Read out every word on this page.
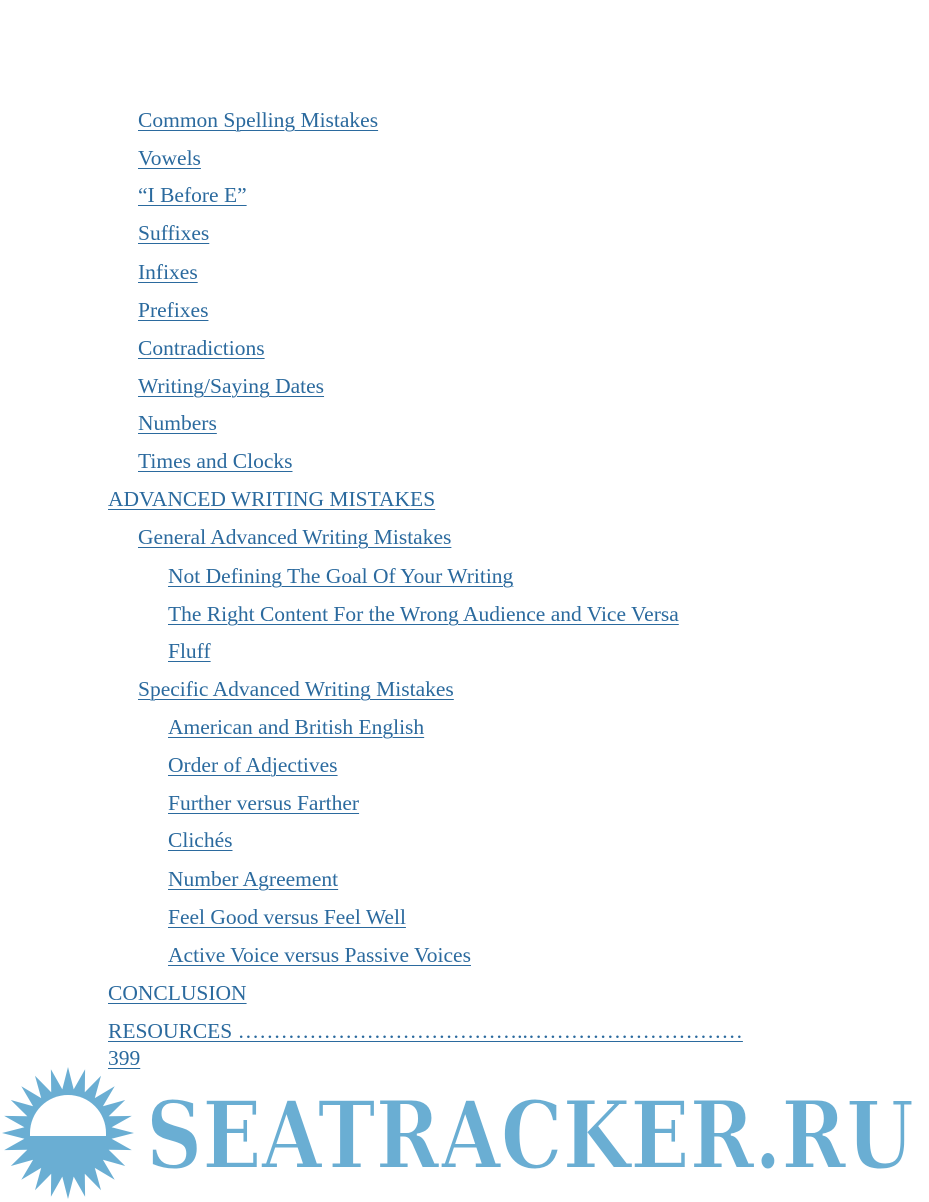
Common Spelling Mistakes
Vowels
“I Before E”
Suffixes
Infixes
Prefixes
Contradictions
Writing/Saying Dates
Numbers
Times and Clocks
ADVANCED WRITING MISTAKES
General Advanced Writing Mistakes
Not Defining The Goal Of Your Writing
The Right Content For the Wrong Audience and Vice Versa
Fluff
Specific Advanced Writing Mistakes
American and British English
Order of Adjectives
Further versus Farther
Clichés
Number Agreement
Feel Good versus Feel Well
Active Voice versus Passive Voices
CONCLUSION
RESOURCES …………………………………..…………………………
399
SEATRACKER.RU
